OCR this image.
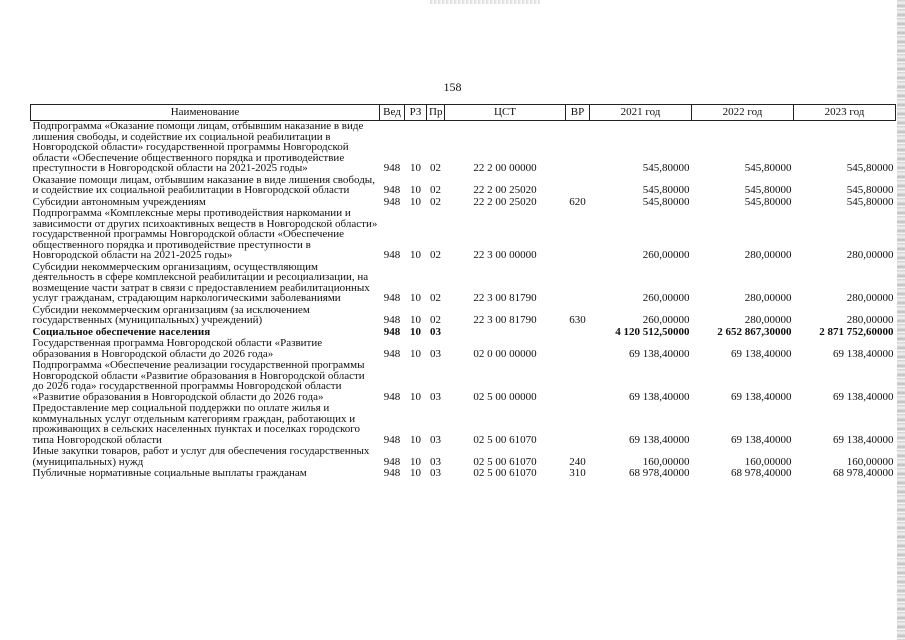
158
Наименование	Вед	РЗ	Пр	ЦСТ	ВР	2021 год	2022 год	2023 год
Подпрограмма «Оказание помощи лицам, отбывшим наказание в виде лишения свободы, и содействие их социальной реабилитации в Новгородской области» государственной программы Новгородской области «Обеспечение общественного порядка и противодействие преступности в Новгородской области на 2021-2025 годы»	948	10	02	22 2 00 00000		545,80000	545,80000	545,80000
Оказание помощи лицам, отбывшим наказание в виде лишения свободы, и содействие их социальной реабилитации в Новгородской области	948	10	02	22 2 00 25020		545,80000	545,80000	545,80000
Субсидии автономным учреждениям	948	10	02	22 2 00 25020	620	545,80000	545,80000	545,80000
Подпрограмма «Комплексные меры противодействия наркомании и зависимости от других психоактивных веществ в Новгородской области» государственной программы Новгородской области «Обеспечение общественного порядка и противодействие преступности в Новгородской области на 2021-2025 годы»	948	10	02	22 3 00 00000		260,00000	280,00000	280,00000
Субсидии некоммерческим организациям, осуществляющим деятельность в сфере комплексной реабилитации и ресоциализации, на возмещение части затрат в связи с предоставлением реабилитационных услуг гражданам, страдающим наркологическими заболеваниями	948	10	02	22 3 00 81790		260,00000	280,00000	280,00000
Субсидии некоммерческим организациям (за исключением государственных (муниципальных) учреждений)	948	10	02	22 3 00 81790	630	260,00000	280,00000	280,00000
Социальное обеспечение населения	948	10	03			4 120 512,50000	2 652 867,30000	2 871 752,60000
Государственная программа Новгородской области «Развитие образования в Новгородской области до 2026 года»	948	10	03	02 0 00 00000		69 138,40000	69 138,40000	69 138,40000
Подпрограмма «Обеспечение реализации государственной программы Новгородской области «Развитие образования в Новгородской области до 2026 года» государственной программы Новгородской области «Развитие образования в Новгородской области до 2026 года»	948	10	03	02 5 00 00000		69 138,40000	69 138,40000	69 138,40000
Предоставление мер социальной поддержки по оплате жилья и коммунальных услуг отдельным категориям граждан, работающих и проживающих в сельских населенных пунктах и поселках городского типа Новгородской области	948	10	03	02 5 00 61070		69 138,40000	69 138,40000	69 138,40000
Иные закупки товаров, работ и услуг для обеспечения государственных (муниципальных) нужд	948	10	03	02 5 00 61070	240	160,00000	160,00000	160,00000
Публичные нормативные социальные выплаты гражданам	948	10	03	02 5 00 61070	310	68 978,40000	68 978,40000	68 978,40000
